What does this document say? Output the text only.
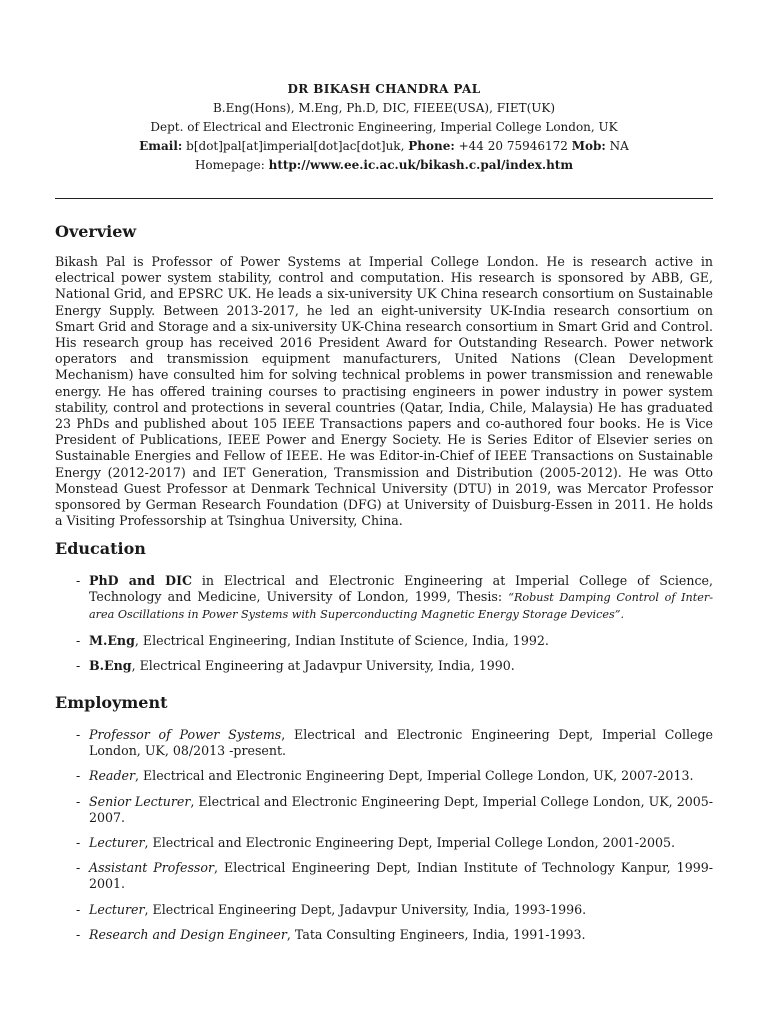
DR BIKASH CHANDRA PAL
B.Eng(Hons), M.Eng, Ph.D, DIC, FIEEE(USA), FIET(UK)
Dept. of Electrical and Electronic Engineering, Imperial College London, UK
Email: b[dot]pal[at]imperial[dot]ac[dot]uk, Phone: +44 20 75946172 Mob: NA
Homepage: http://www.ee.ic.ac.uk/bikash.c.pal/index.htm
Overview
Bikash Pal is Professor of Power Systems at Imperial College London. He is research active in electrical power system stability, control and computation. His research is sponsored by ABB, GE, National Grid, and EPSRC UK. He leads a six-university UK China research consortium on Sustainable Energy Supply. Between 2013-2017, he led an eight-university UK-India research consortium on Smart Grid and Storage and a six-university UK-China research consortium in Smart Grid and Control. His research group has received 2016 President Award for Outstanding Research. Power network operators and transmission equipment manufacturers, United Nations (Clean Development Mechanism) have consulted him for solving technical problems in power transmission and renewable energy. He has offered training courses to practising engineers in power industry in power system stability, control and protections in several countries (Qatar, India, Chile, Malaysia) He has graduated 23 PhDs and published about 105 IEEE Transactions papers and co-authored four books. He is Vice President of Publications, IEEE Power and Energy Society. He is Series Editor of Elsevier series on Sustainable Energies and Fellow of IEEE. He was Editor-in-Chief of IEEE Transactions on Sustainable Energy (2012-2017) and IET Generation, Transmission and Distribution (2005-2012). He was Otto Monstead Guest Professor at Denmark Technical University (DTU) in 2019, was Mercator Professor sponsored by German Research Foundation (DFG) at University of Duisburg-Essen in 2011. He holds a Visiting Professorship at Tsinghua University, China.
Education
- PhD and DIC in Electrical and Electronic Engineering at Imperial College of Science, Technology and Medicine, University of London, 1999, Thesis: “Robust Damping Control of Inter-area Oscillations in Power Systems with Superconducting Magnetic Energy Storage Devices”.
- M.Eng, Electrical Engineering, Indian Institute of Science, India, 1992.
- B.Eng, Electrical Engineering at Jadavpur University, India, 1990.
Employment
- Professor of Power Systems, Electrical and Electronic Engineering Dept, Imperial College London, UK, 08/2013 -present.
- Reader, Electrical and Electronic Engineering Dept, Imperial College London, UK, 2007-2013.
- Senior Lecturer, Electrical and Electronic Engineering Dept, Imperial College London, UK, 2005-2007.
- Lecturer, Electrical and Electronic Engineering Dept, Imperial College London, 2001-2005.
- Assistant Professor, Electrical Engineering Dept, Indian Institute of Technology Kanpur, 1999-2001.
- Lecturer, Electrical Engineering Dept, Jadavpur University, India, 1993-1996.
- Research and Design Engineer, Tata Consulting Engineers, India, 1991-1993.
